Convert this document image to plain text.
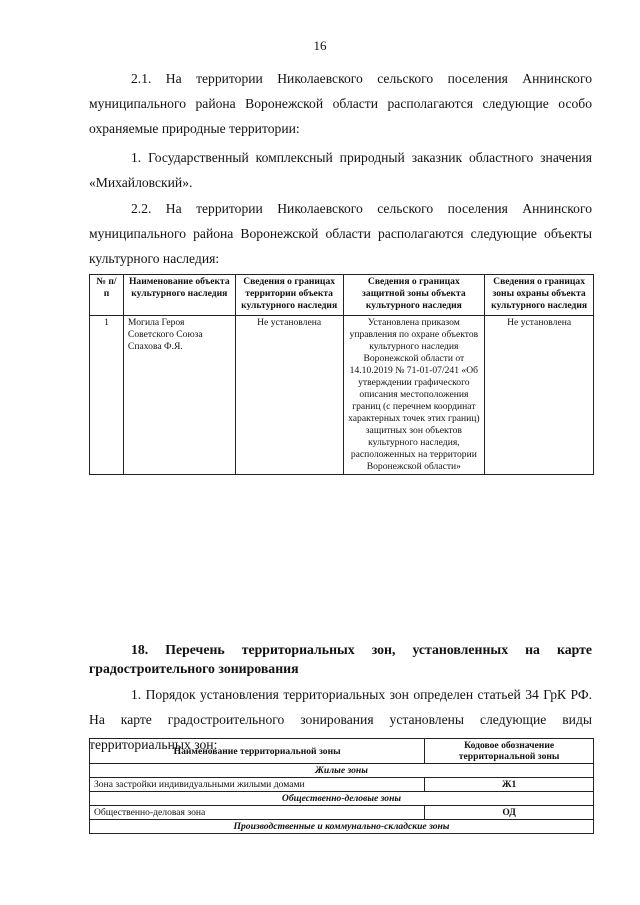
16
2.1. На территории Николаевского сельского поселения Аннинского муниципального района Воронежской области располагаются следующие особо охраняемые природные территории:
1. Государственный комплексный природный заказник областного значения «Михайловский».
2.2. На территории Николаевского сельского поселения Аннинского муниципального района Воронежской области располагаются следующие объекты культурного наследия:
№ п/п	Наименование объекта культурного наследия	Сведения о границах территории объекта культурного наследия	Сведения о границах защитной зоны объекта культурного наследия	Сведения о границах зоны охраны объекта культурного наследия
1	Могила Героя Советского Союза Спахова Ф.Я.	Не установлена	Установлена приказом управления по охране объектов культурного наследия Воронежской области от 14.10.2019 № 71-01-07/241 «Об утверждении графического описания местоположения границ (с перечнем координат характерных точек этих границ) защитных зон объектов культурного наследия, расположенных на территории Воронежской области»	Не установлена
18. Перечень территориальных зон, установленных на карте градостроительного зонирования
1. Порядок установления территориальных зон определен статьей 34 ГрК РФ. На карте градостроительного зонирования установлены следующие виды территориальных зон:
Наименование территориальной зоны	Кодовое обозначение территориальной зоны
Жилые зоны	
Зона застройки индивидуальными жилыми домами	Ж1
Общественно-деловые зоны	
Общественно-деловая зона	ОД
Производственные и коммунально-складские зоны	
